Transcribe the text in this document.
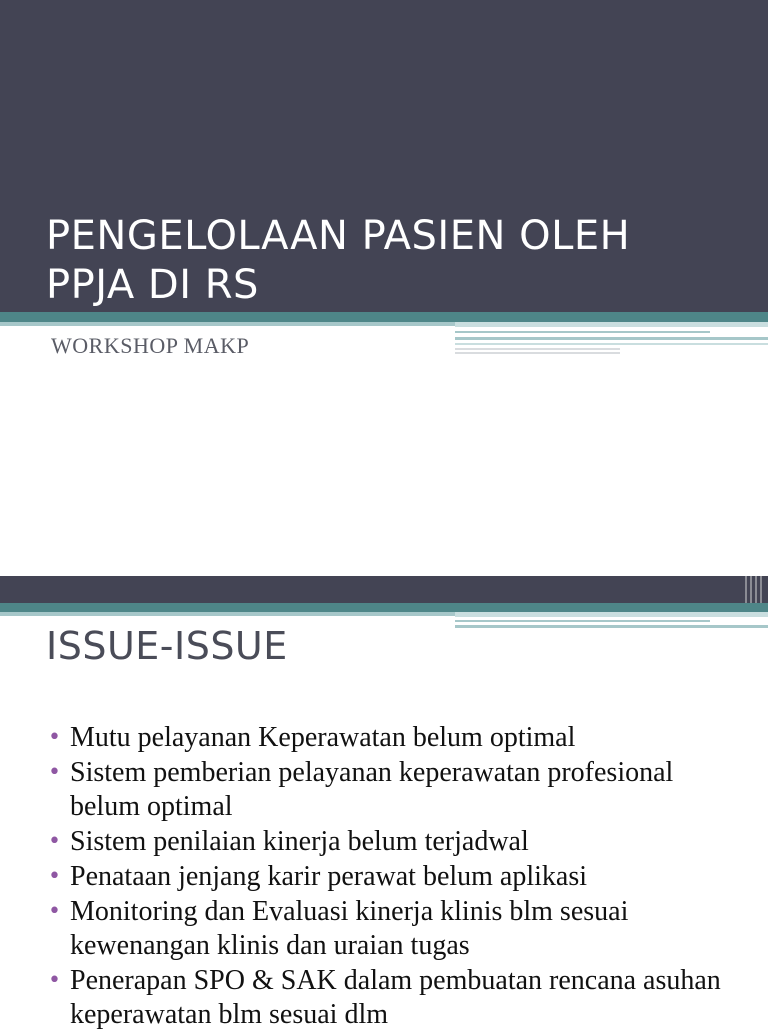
PENGELOLAAN PASIEN OLEH
PPJA DI RS
WORKSHOP MAKP
ISSUE-ISSUE
• Mutu pelayanan Keperawatan belum optimal
• Sistem pemberian pelayanan keperawatan profesional belum optimal
• Sistem penilaian kinerja belum terjadwal
• Penataan jenjang karir perawat belum aplikasi
• Monitoring dan Evaluasi kinerja klinis blm sesuai kewenangan klinis dan uraian tugas
• Penerapan SPO & SAK dalam pembuatan rencana asuhan keperawatan blm sesuai dlm
